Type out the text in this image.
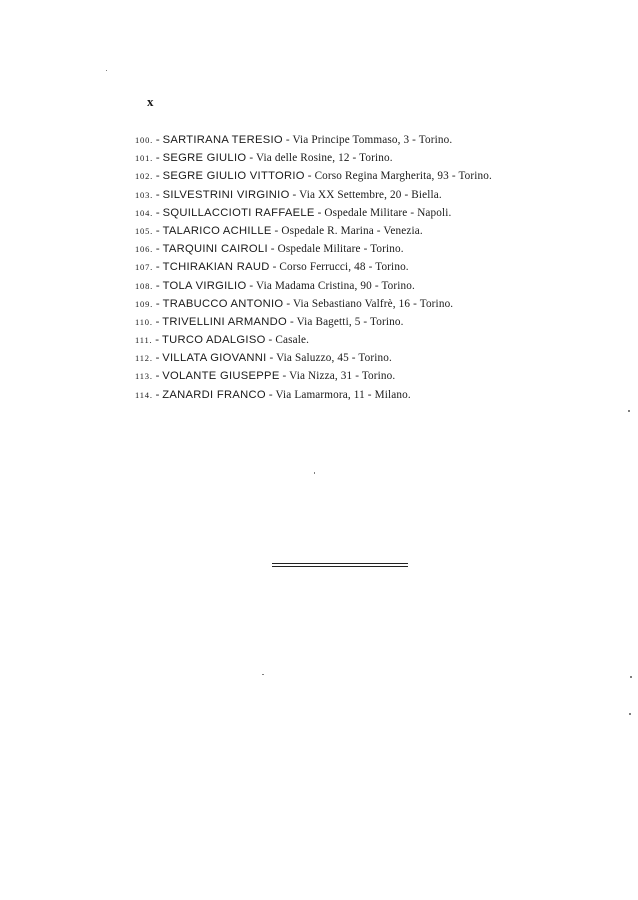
x
100. - SARTIRANA TERESIO - Via Principe Tommaso, 3 - Torino.
101. - SEGRE GIULIO - Via delle Rosine, 12 - Torino.
102. - SEGRE GIULIO VITTORIO - Corso Regina Margherita, 93 - Torino.
103. - SILVESTRINI VIRGINIO - Via XX Settembre, 20 - Biella.
104. - SQUILLACCIOTI RAFFAELE - Ospedale Militare - Napoli.
105. - TALARICO ACHILLE - Ospedale R. Marina - Venezia.
106. - TARQUINI CAIROLI - Ospedale Militare - Torino.
107. - TCHIRAKIAN RAUD - Corso Ferrucci, 48 - Torino.
108. - TOLA VIRGILIO - Via Madama Cristina, 90 - Torino.
109. - TRABUCCO ANTONIO - Via Sebastiano Valfrè, 16 - Torino.
110. - TRIVELLINI ARMANDO - Via Bagetti, 5 - Torino.
111. - TURCO ADALGISO - Casale.
112. - VILLATA GIOVANNI - Via Saluzzo, 45 - Torino.
113. - VOLANTE GIUSEPPE - Via Nizza, 31 - Torino.
114. - ZANARDI FRANCO - Via Lamarmora, 11 - Milano.
